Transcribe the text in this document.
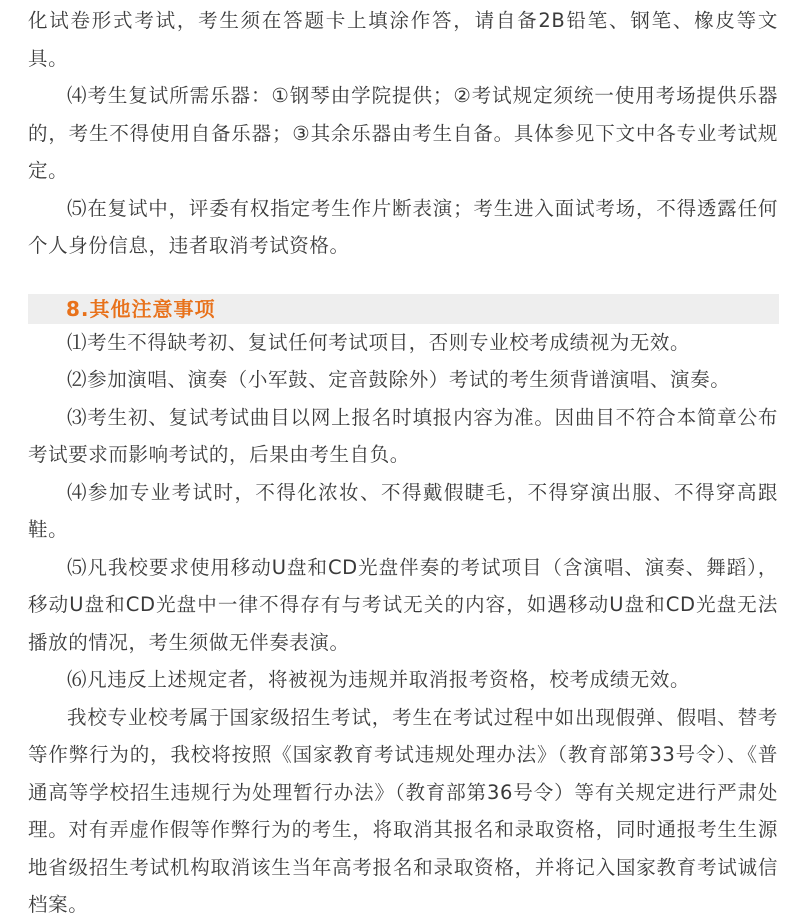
化试卷形式考试，考生须在答题卡上填涂作答，请自备2B铅笔、钢笔、橡皮等文具。

⑷考生复试所需乐器：①钢琴由学院提供；②考试规定须统一使用考场提供乐器的，考生不得使用自备乐器；③其余乐器由考生自备。具体参见下文中各专业考试规定。

⑸在复试中，评委有权指定考生作片断表演；考生进入面试考场，不得透露任何个人身份信息，违者取消考试资格。

8.其他注意事项

⑴考生不得缺考初、复试任何考试项目，否则专业校考成绩视为无效。

⑵参加演唱、演奏（小军鼓、定音鼓除外）考试的考生须背谱演唱、演奏。

⑶考生初、复试考试曲目以网上报名时填报内容为准。因曲目不符合本简章公布考试要求而影响考试的，后果由考生自负。

⑷参加专业考试时，不得化浓妆、不得戴假睫毛，不得穿演出服、不得穿高跟鞋。

⑸凡我校要求使用移动U盘和CD光盘伴奏的考试项目（含演唱、演奏、舞蹈），移动U盘和CD光盘中一律不得存有与考试无关的内容，如遇移动U盘和CD光盘无法播放的情况，考生须做无伴奏表演。

⑹凡违反上述规定者，将被视为违规并取消报考资格，校考成绩无效。

我校专业校考属于国家级招生考试，考生在考试过程中如出现假弹、假唱、替考等作弊行为的，我校将按照《国家教育考试违规处理办法》（教育部第33号令）、《普通高等学校招生违规行为处理暂行办法》（教育部第36号令）等有关规定进行严肃处理。对有弄虚作假等作弊行为的考生，将取消其报名和录取资格，同时通报考生生源地省级招生考试机构取消该生当年高考报名和录取资格，并将记入国家教育考试诚信档案。
